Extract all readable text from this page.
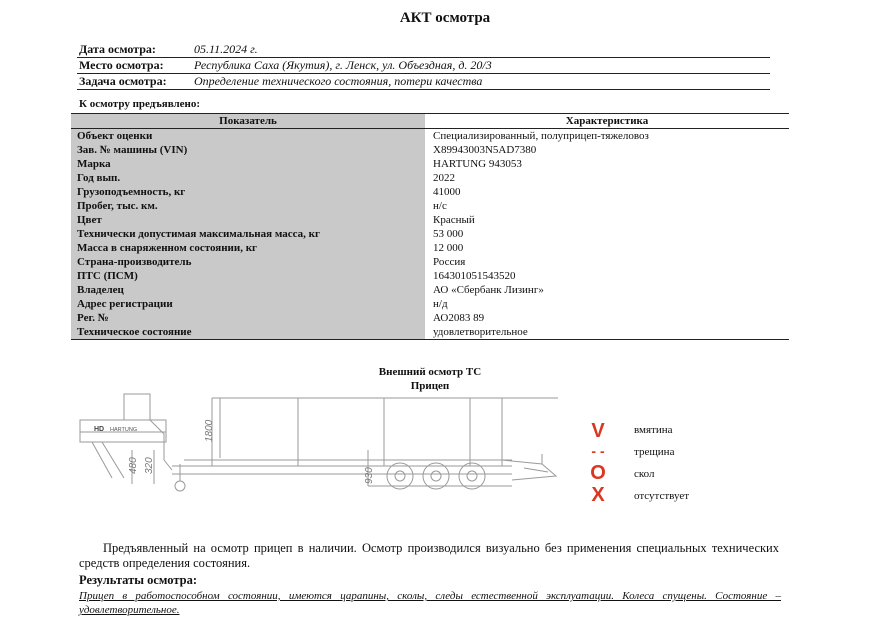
АКТ осмотра
Дата осмотра:	05.11.2024 г.
Место осмотра:	Республика Саха (Якутия), г. Ленск, ул. Объездная, д. 20/3
Задача осмотра: Определение технического состояния, потери качества
К осмотру предъявлено:
Показатель	Характеристика
Объект оценки	Специализированный, полуприцеп-тяжеловоз
Зав. № машины (VIN)	X89943003N5AD7380
Марка	HARTUNG 943053
Год вып.	2022
Грузоподъемность, кг	41000
Пробег, тыс. км.	н/с
Цвет	Красный
Технически допустимая максимальная масса, кг	53 000
Масса в снаряженном состоянии, кг	12 000
Страна-производитель	Россия
ПТС (ПСМ)	164301051543520
Владелец	АО «Сбербанк Лизинг»
Адрес регистрации	н/д
Рег. №	АО2083 89
Техническое состояние	удовлетворительное
Внешний осмотр ТС
Прицеп
HD HARTUNG	1800
480 320
930
V	вмятина
- -	трещина
O	скол
X	отсутствует
Предъявленный на осмотр прицеп в наличии. Осмотр производился визуально без применения специальных технических средств определения состояния.
Результаты осмотра:
Прицеп в работоспособном состоянии, имеются царапины, сколы, следы естественной эксплуатации. Колеса спущены. Состояние – удовлетворительное.
